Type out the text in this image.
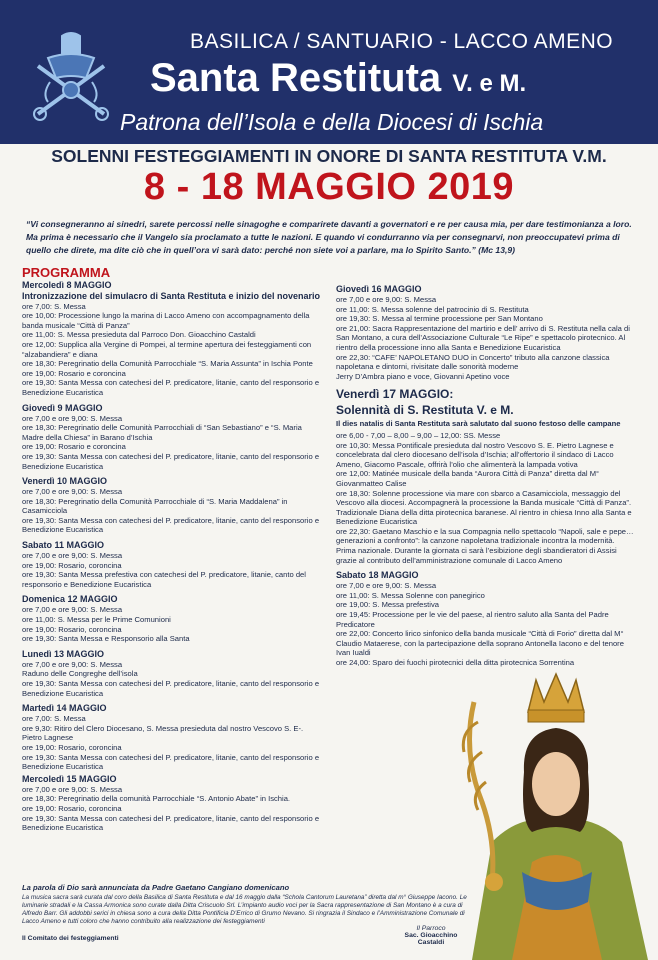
BASILICA / SANTUARIO - LACCO AMENO
Santa Restituta V. e M.
Patrona dell’Isola e della Diocesi di Ischia
SOLENNI FESTEGGIAMENTI IN ONORE DI SANTA RESTITUTA V.M.
8 - 18 MAGGIO 2019
“Vi consegneranno ai sinedri, sarete percossi nelle sinagoghe e comparirete davanti a governatori e re per causa mia, per dare testimonianza a loro. Ma prima è necessario che il Vangelo sia proclamato a tutte le nazioni. E quando vi condurranno via per consegnarvi, non preoccupatevi prima di quello che direte, ma dite ciò che in quell’ora vi sarà dato: perché non siete voi a parlare, ma lo Spirito Santo.” (Mc 13,9)
PROGRAMMA
Mercoledì 8 MAGGIO
Intronizzazione del simulacro di Santa Restituta e inizio del novenario
ore 7,00: S. Messa
ore 10,00: Processione lungo la marina di Lacco Ameno con accompagnamento della banda musicale “Città di Panza”
ore 11,00: S. Messa presieduta dal Parroco Don. Gioacchino Castaldi
ore 12,00: Supplica alla Vergine di Pompei, al termine apertura dei festeggiamenti con “alzabandiera” e diana
ore 18,30: Peregrinatio della Comunità Parrocchiale “S. Maria Assunta” in Ischia Ponte
ore 19,00: Rosario e coroncina
ore 19,30: Santa Messa con catechesi del P. predicatore, litanie, canto del responsorio e Benedizione Eucaristica
Giovedì 9 MAGGIO
ore 7,00 e ore 9,00: S. Messa
ore 18,30: Peregrinatio delle Comunità Parrocchiali di “San Sebastiano” e “S. Maria Madre della Chiesa” in Barano d’Ischia
ore 19,00: Rosario e coroncina
ore 19,30: Santa Messa con catechesi del P. predicatore, litanie, canto del responsorio e Benedizione Eucaristica
Venerdì 10 MAGGIO
ore 7,00 e ore 9,00: S. Messa
ore 18,30: Peregrinatio della Comunità Parrocchiale di “S. Maria Maddalena” in Casamicciola
ore 19,30: Santa Messa con catechesi del P. predicatore, litanie, canto del responsorio e Benedizione Eucaristica
Sabato 11 MAGGIO
ore 7,00 e ore 9,00: S. Messa
ore 19,00: Rosario, coroncina
ore 19,30: Santa Messa prefestiva con catechesi del P. predicatore, litanie, canto del responsorio e Benedizione Eucaristica
Domenica 12 MAGGIO
ore 7,00 e ore 9,00: S. Messa
ore 11,00: S. Messa per le Prime Comunioni
ore 19,00: Rosario, coroncina
ore 19,30: Santa Messa e Responsorio alla Santa
Lunedì 13 MAGGIO
ore 7,00 e ore 9,00: S. Messa
Raduno delle Congreghe dell’isola
ore 19,30: Santa Messa con catechesi del P. predicatore, litanie, canto del responsorio e Benedizione Eucaristica
Martedì 14 MAGGIO
ore 7,00: S. Messa
ore 9,30: Ritiro del Clero Diocesano, S. Messa presieduta dal nostro Vescovo S. E-. Pietro Lagnese
ore 19,00: Rosario, coroncina
ore 19,30: Santa Messa con catechesi del P. predicatore, litanie, canto del responsorio e Benedizione Eucaristica
Mercoledì 15 MAGGIO
ore 7,00 e ore 9,00: S. Messa
ore 18,30: Peregrinatio della comunità Parrocchiale “S. Antonio Abate” in Ischia.
ore 19,00: Rosario, coroncina
ore 19,30: Santa Messa con catechesi del P. predicatore, litanie, canto del responsorio e Benedizione Eucaristica
Giovedì 16 MAGGIO
ore 7,00 e ore 9,00: S. Messa
ore 11,00: S. Messa solenne del patrocinio di S. Restituta
ore 19,30: S. Messa al termine processione per San Montano
ore 21,00: Sacra Rappresentazione del martirio e dell’ arrivo di S. Restituta nella cala di San Montano, a cura dell’Associazione Culturale “Le Ripe” e spettacolo pirotecnico. Al rientro della processione inno alla Santa e Benedizione Eucaristica
ore 22,30: “CAFE’ NAPOLETANO DUO in Concerto” tributo alla canzone classica napoletana e dintorni, rivisitate dalle sonorità moderne
Jerry D’Ambra piano e voce, Giovanni Apetino voce
Venerdì 17 MAGGIO:
Solennità di S. Restituta V. e M.
Il dies natalis di Santa Restituta sarà salutato dal suono festoso delle campane
ore 6,00 - 7,00 – 8,00 – 9,00 – 12,00: SS. Messe
ore 10,30: Messa Pontificale presieduta dal nostro Vescovo S. E. Pietro Lagnese e concelebrata dal clero diocesano dell’isola d’Ischia; all’offertorio il sindaco di Lacco Ameno, Giacomo Pascale, offrirà l’olio che alimenterà la lampada votiva
ore 12,00: Matinée musicale della banda “Aurora Città di Panza” diretta dal M° Giovanmatteo Calise
ore 18,30: Solenne processione via mare con sbarco a Casamicciola, messaggio del Vescovo alla diocesi. Accompagnerà la processione la Banda musicale “Città di Panza”. Tradizionale Diana della ditta pirotecnica baranese. Al rientro in chiesa Inno alla Santa e Benedizione Eucaristica
ore 22,30: Gaetano Maschio e la sua Compagnia nello spettacolo “Napoli, sale e pepe… generazioni a confronto”: la canzone napoletana tradizionale incontra la modernità. Prima nazionale. Durante la giornata ci sarà l’esibizione degli sbandieratori di Assisi grazie al contributo dell’amministrazione comunale di Lacco Ameno
Sabato 18 MAGGIO
ore 7,00 e ore 9,00: S. Messa
ore 11,00: S. Messa Solenne con panegirico
ore 19,00: S. Messa prefestiva
ore 19,45: Processione per le vie del paese, al rientro saluto alla Santa del Padre Predicatore
ore 22,00: Concerto lirico sinfonico della banda musicale “Città di Forio” diretta dal M° Claudio Mataerese, con la partecipazione della soprano Antonella Iacono e del tenore Ivan Iualdi
ore 24,00: Sparo dei fuochi pirotecnici della ditta pirotecnica Sorrentina
La parola di Dio sarà annunciata da Padre Gaetano Cangiano domenicano
La musica sacra sarà curata dal coro della Basilica di Santa Restituta e dal 16 maggio dalla “Schola Cantorum Lauretana” diretta dal m° Giuseppe Iacono. Le luminarie stradali e la Cassa Armonica sono curate dalla Ditta Criscuolo Srl. L’impianto audio voci per la Sacra rappresentazione di San Montano è a cura di Alfredo Barr. Gli addobbi serici in chiesa sono a cura della Ditta Pontificia D’Errico di Grumo Nevano. Si ringrazia il Sindaco e l’Amministrazione Comunale di Lacco Ameno e tutti coloro che hanno contribuito alla realizzazione dei festeggiamenti
Il Comitato dei festeggiamenti
Il Parroco
Sac. Gioacchino Castaldi
